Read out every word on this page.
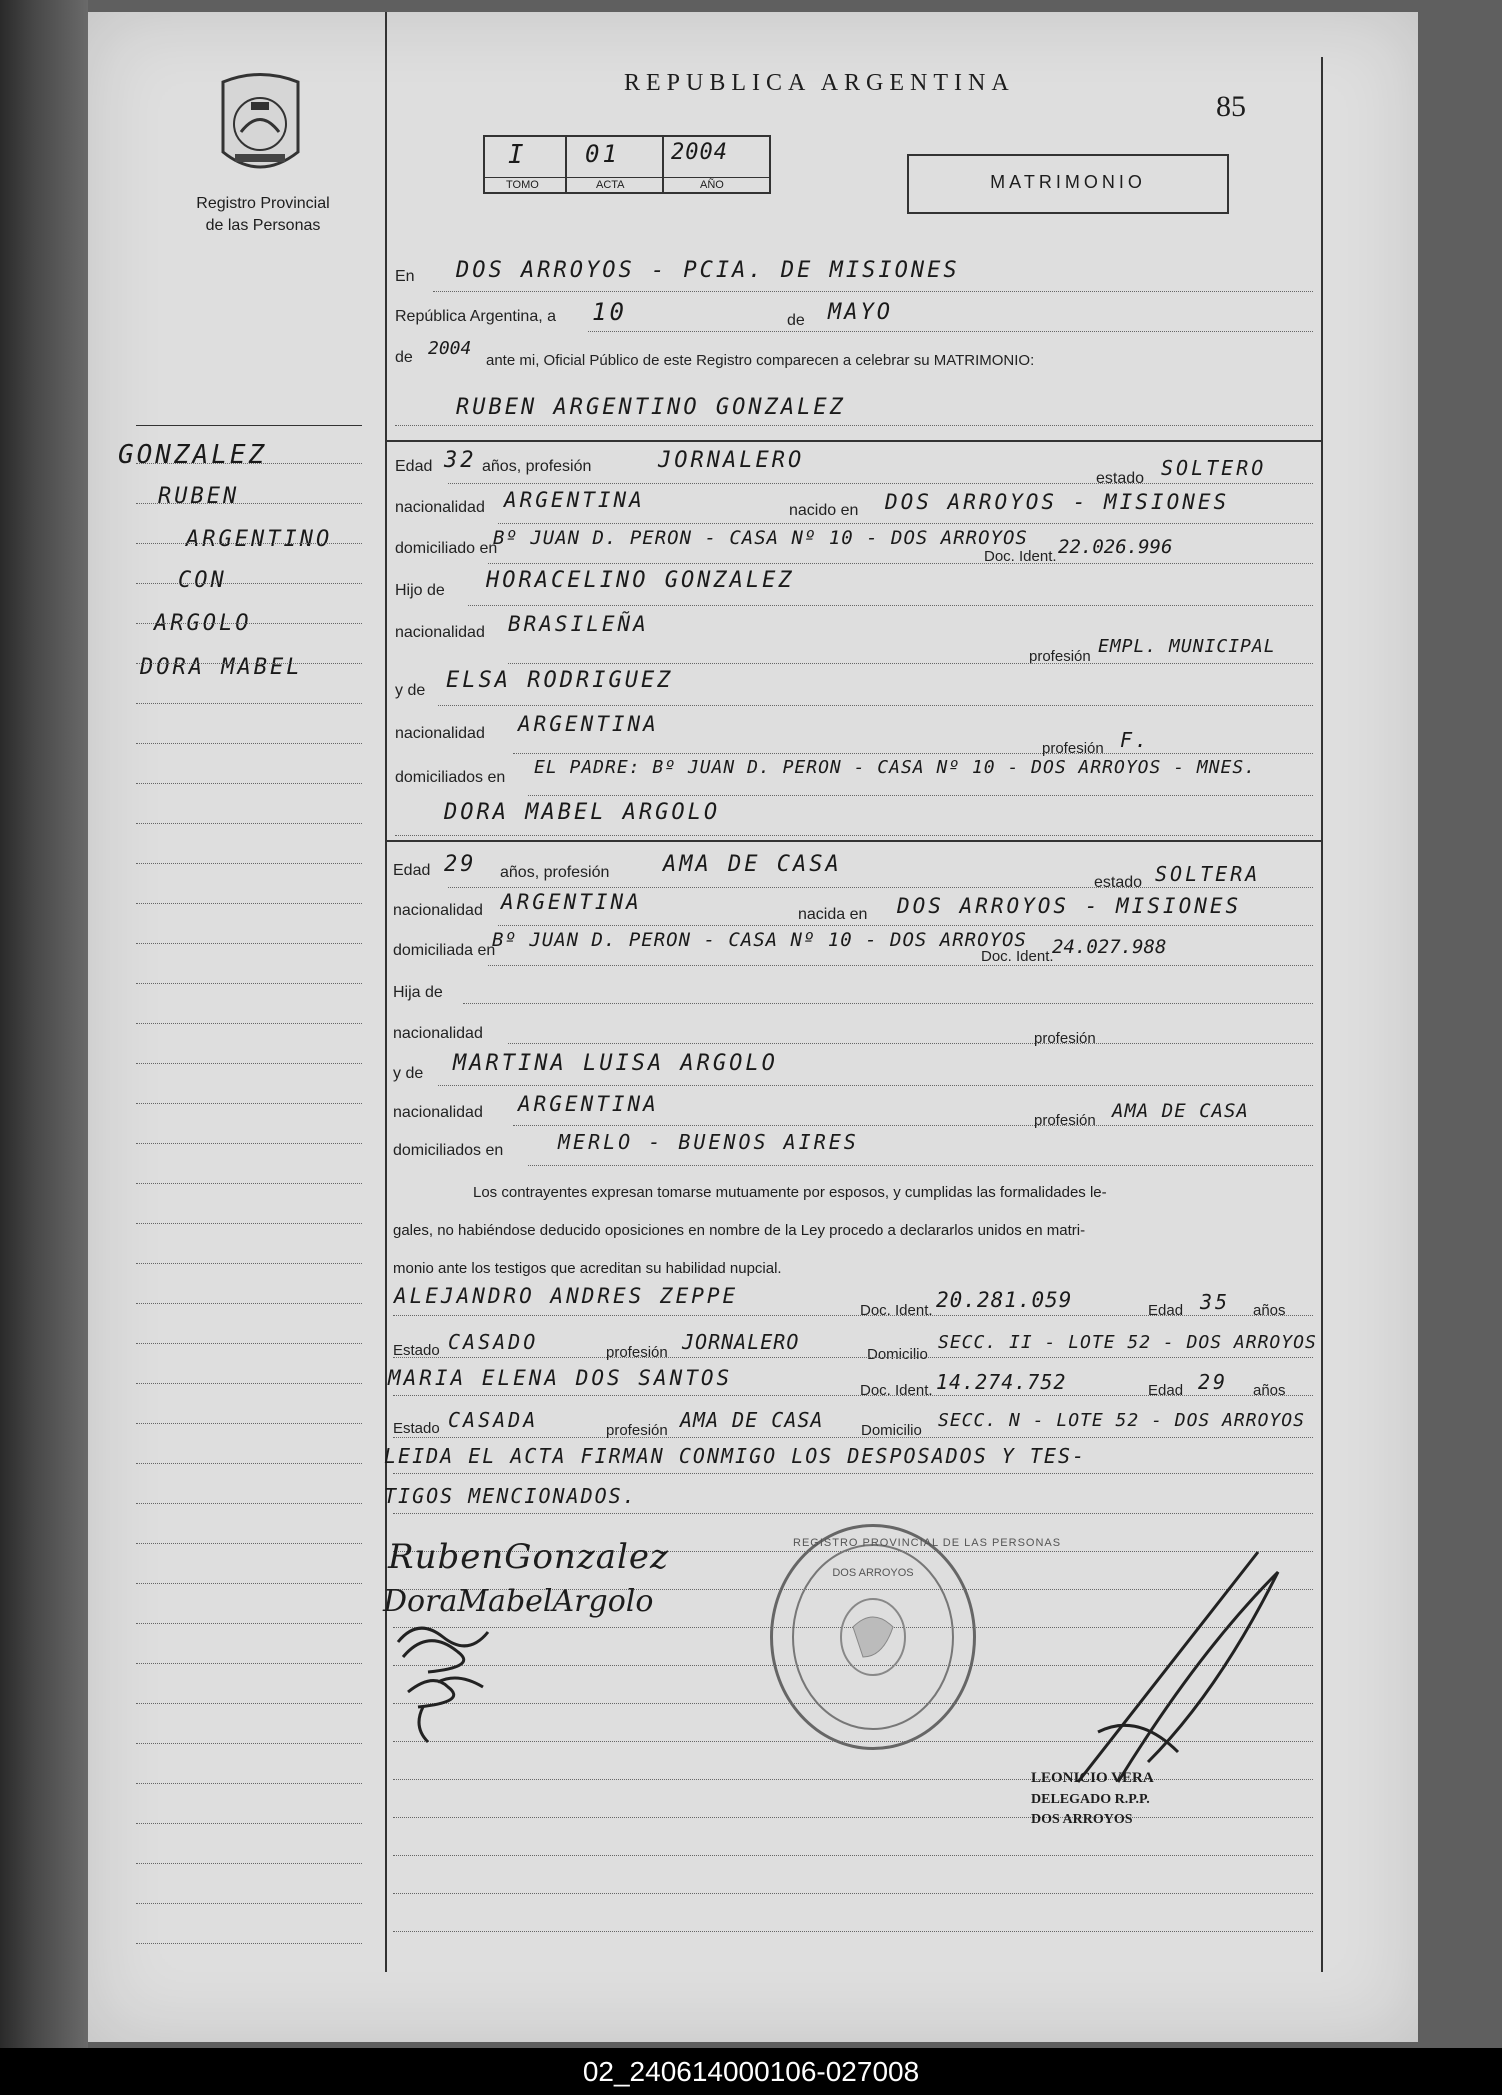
Registro Provincial
de las Personas
REPUBLICA ARGENTINA
85
I 01 2004
TOMO	ACTA	AÑO	MATRIMONIO
GONZALEZ
RUBEN
ARGENTINO
CON
ARGOLO
DORA MABEL
En DOS ARROYOS - PCIA. DE MISIONES
República Argentina, a 10	de MAYO
de 2004
ante mi, Oficial Público de este Registro comparecen a celebrar su MATRIMONIO:
RUBEN ARGENTINO GONZALEZ
Edad 32 años, profesión	JORNALERO
estado SOLTERO
nacionalidad ARGENTINA	nacido en DOS ARROYOS - MISIONES
domiciliado en
Bº JUAN D. PERON - CASA Nº 10 - DOS ARROYOS
Doc. Ident. 22.026.996
Hijo de HORACELINO GONZALEZ
nacionalidad BRASILEÑA
profesión EMPL. MUNICIPAL
y de ELSA RODRIGUEZ
nacionalidad ARGENTINA
profesión F.
domiciliados en EL PADRE: Bº JUAN D. PERON - CASA Nº 10 - DOS ARROYOS - MNES.
DORA MABEL ARGOLO
Edad 29 años, profesión AMA DE CASA
estado SOLTERA
nacionalidad ARGENTINA
nacida en DOS ARROYOS - MISIONES
domiciliada en
Bº JUAN D. PERON - CASA Nº 10 - DOS ARROYOS
Doc. Ident.
24.027.988
Hija de
nacionalidad	profesión
y de MARTINA LUISA ARGOLO
nacionalidad ARGENTINA
profesión AMA DE CASA
domiciliados en	MERLO - BUENOS AIRES
Los contrayentes expresan tomarse mutuamente por esposos, y cumplidas las formalidades le-
gales, no habiéndose deducido oposiciones en nombre de la Ley procedo a declararlos unidos en matri-
monio ante los testigos que acreditan su habilidad nupcial.
ALEJANDRO ANDRES ZEPPE
Doc. Ident. 20.281.059	Edad 35 años
Estado CASADO	profesión JORNALERO
Domicilio
SECC. II - LOTE 52 - DOS ARROYOS
MARIA ELENA DOS SANTOS
Doc. Ident. 14.274.752	Edad 29 años
Estado CASADA	profesión AMA DE CASA	Domicilio SECC. N - LOTE 52 - DOS ARROYOS
LEIDA EL ACTA FIRMAN CONMIGO LOS DESPOSADOS Y TES-
TIGOS MENCIONADOS.
RubenGonzalez
DoraMabelArgolo
REGISTRO PROVINCIAL DE LAS PERSONAS
DOS ARROYOS
LEONICIO VERA
DELEGADO R.P.P.
DOS ARROYOS
02_240614000106-027008
